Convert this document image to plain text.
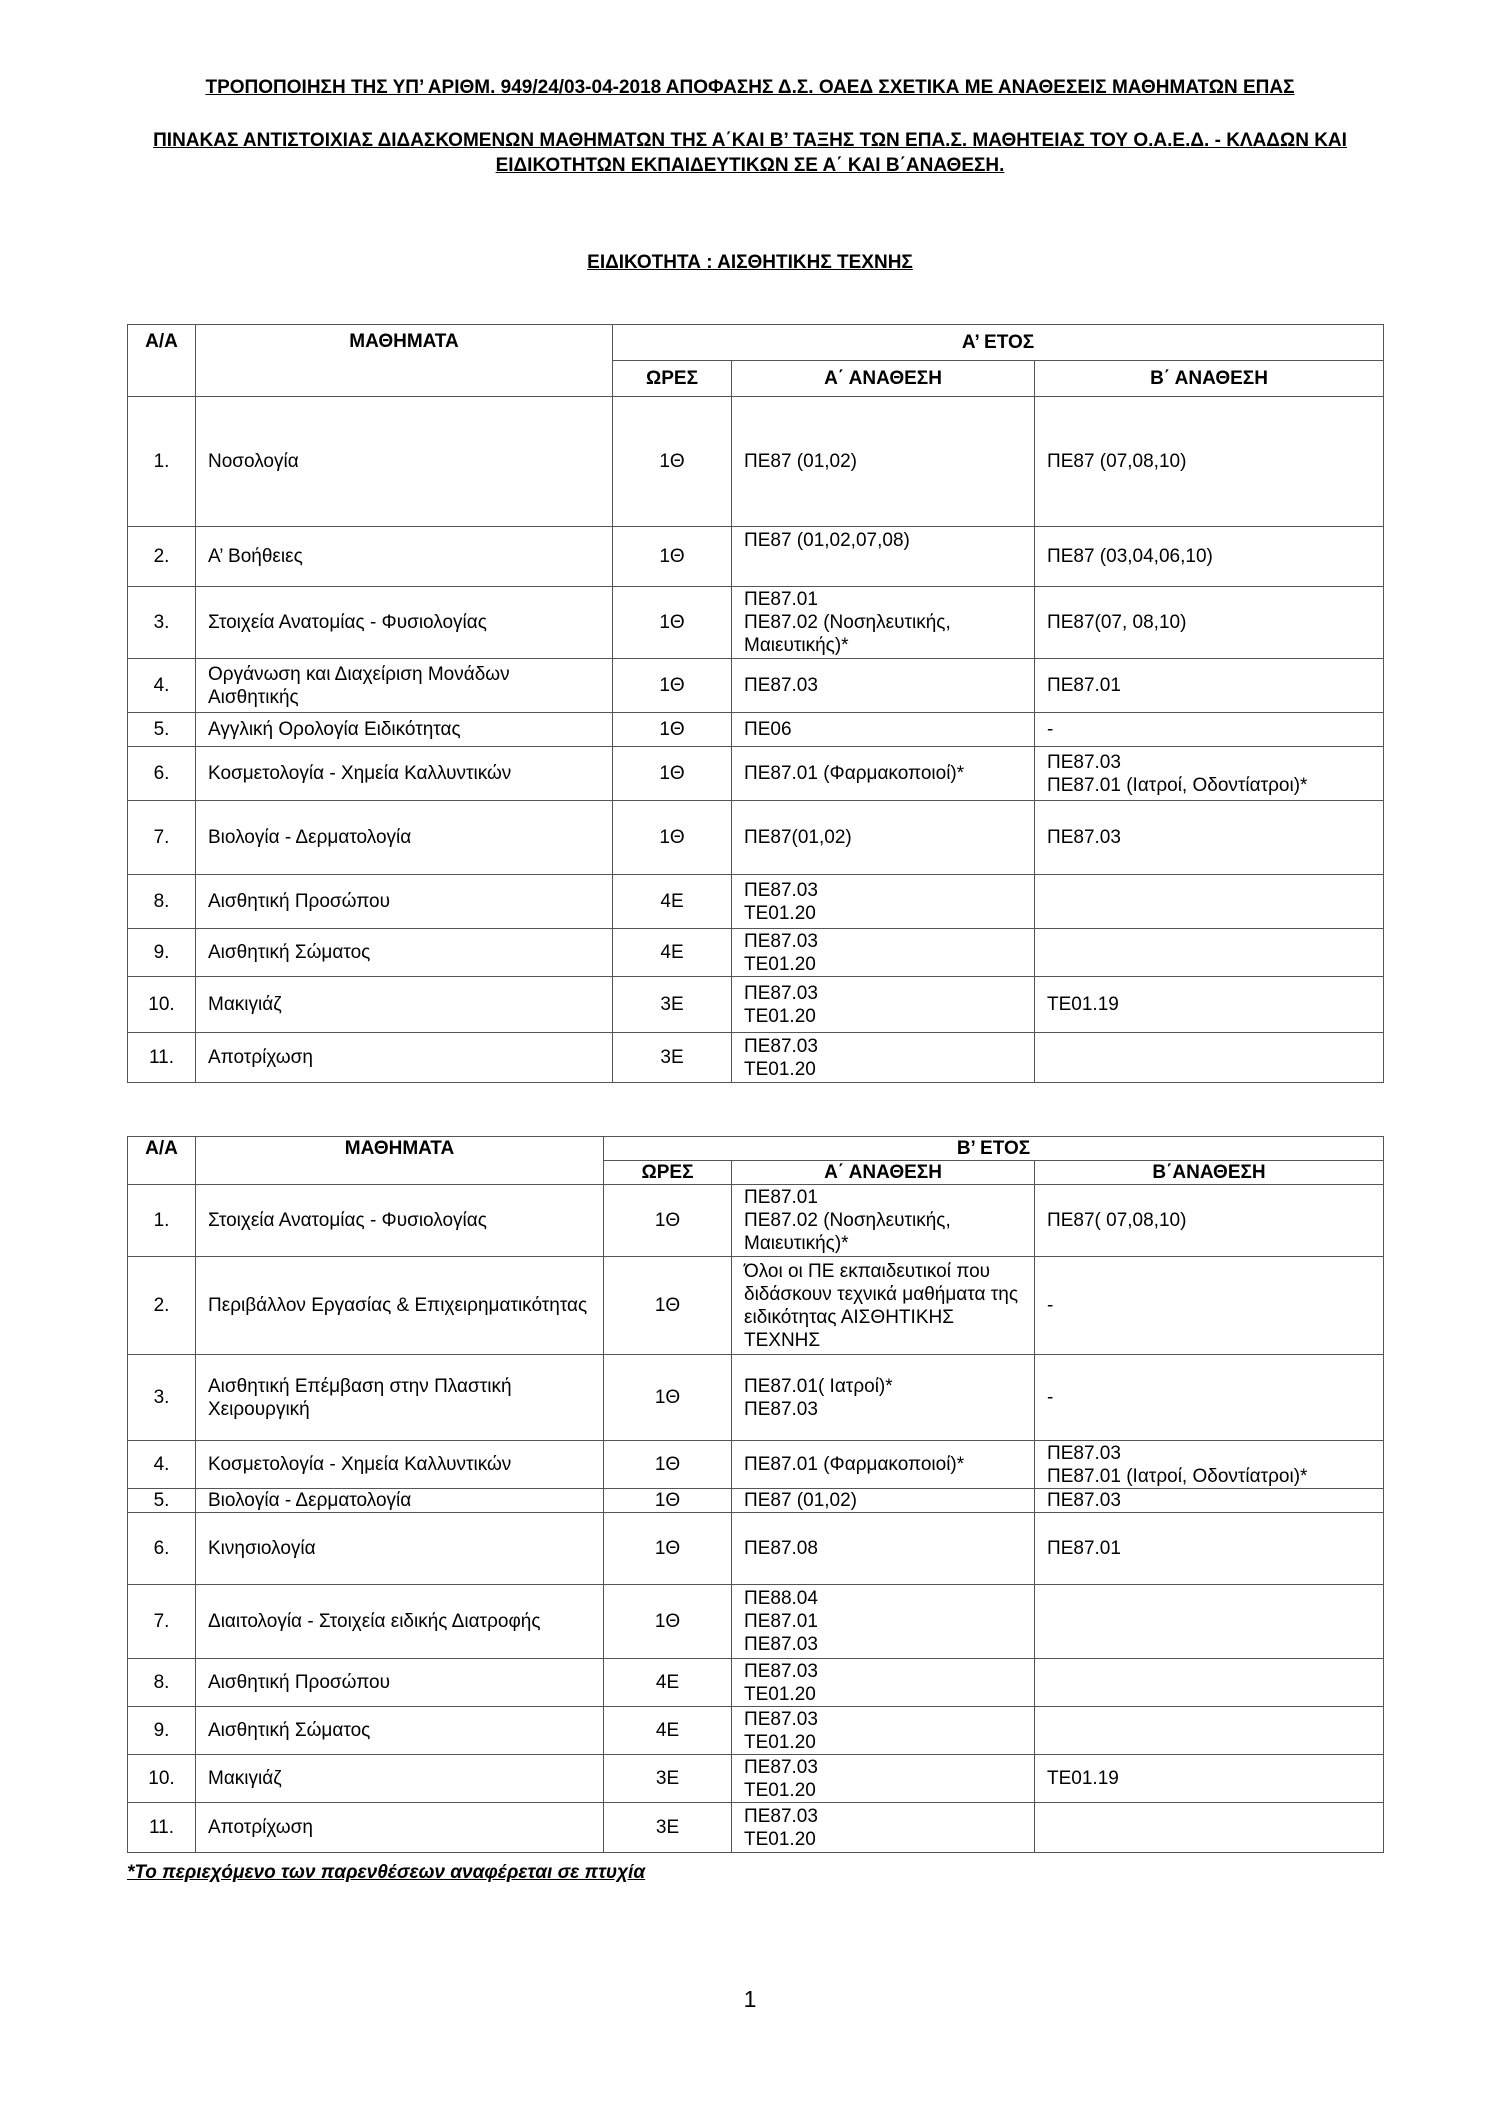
ΤΡΟΠΟΠΟΙΗΣΗ ΤΗΣ ΥΠ’ ΑΡΙΘΜ. 949/24/03-04-2018 ΑΠΟΦΑΣΗΣ Δ.Σ. ΟΑΕΔ ΣΧΕΤΙΚΑ ΜΕ ΑΝΑΘΕΣΕΙΣ ΜΑΘΗΜΑΤΩΝ ΕΠΑΣ
ΠΙΝΑΚΑΣ ΑΝΤΙΣΤΟΙΧΙΑΣ ΔΙΔΑΣΚΟΜΕΝΩΝ ΜΑΘΗΜΑΤΩΝ ΤΗΣ Α΄ΚΑΙ Β’ ΤΑΞΗΣ ΤΩΝ ΕΠΑ.Σ. ΜΑΘΗΤΕΙΑΣ ΤΟΥ Ο.Α.Ε.Δ. - ΚΛΑΔΩΝ ΚΑΙ ΕΙΔΙΚΟΤΗΤΩΝ ΕΚΠΑΙΔΕΥΤΙΚΩΝ ΣΕ Α΄ ΚΑΙ Β΄ΑΝΑΘΕΣΗ.
ΕΙΔΙΚΟΤΗΤΑ : ΑΙΣΘΗΤΙΚΗΣ ΤΕΧΝΗΣ
Α/Α	ΜΑΘΗΜΑΤΑ	Α’ ΕΤΟΣ		
		ΩΡΕΣ	Α΄ ΑΝΑΘΕΣΗ	Β΄ ΑΝΑΘΕΣΗ
1.	Νοσολογία	1Θ	ΠΕ87 (01,02)	ΠΕ87 (07,08,10)
2.	Α’ Βοήθειες	1Θ	ΠΕ87 (01,02,07,08)	ΠΕ87 (03,04,06,10)
3.	Στοιχεία Ανατομίας - Φυσιολογίας	1Θ	ΠΕ87.01
ΠΕ87.02 (Νοσηλευτικής, Μαιευτικής)*	ΠΕ87(07, 08,10)
4.	Οργάνωση και Διαχείριση Μονάδων Αισθητικής	1Θ	ΠΕ87.03	ΠΕ87.01
5.	Αγγλική Ορολογία Ειδικότητας	1Θ	ΠΕ06	-
6.	Κοσμετολογία - Χημεία Καλλυντικών	1Θ	ΠΕ87.01 (Φαρμακοποιοί)*	ΠΕ87.03
ΠΕ87.01 (Ιατροί, Οδοντίατροι)*
7.	Βιολογία - Δερματολογία	1Θ	ΠΕ87(01,02)	ΠΕ87.03
8.	Αισθητική Προσώπου	4Ε	ΠΕ87.03
ΤΕ01.20	
9.	Αισθητική Σώματος	4Ε	ΠΕ87.03
ΤΕ01.20	
10.	Μακιγιάζ	3Ε	ΠΕ87.03
ΤΕ01.20	ΤΕ01.19
11.	Αποτρίχωση	3Ε	ΠΕ87.03
ΤΕ01.20	
Α/Α	ΜΑΘΗΜΑΤΑ	Β’ ΕΤΟΣ		
		ΩΡΕΣ	Α΄ ΑΝΑΘΕΣΗ	Β΄ΑΝΑΘΕΣΗ
1.	Στοιχεία Ανατομίας - Φυσιολογίας	1Θ	ΠΕ87.01
ΠΕ87.02 (Νοσηλευτικής, Μαιευτικής)*	ΠΕ87( 07,08,10)
2.	Περιβάλλον Εργασίας & Επιχειρηματικότητας	1Θ	Όλοι οι ΠΕ εκπαιδευτικοί που διδάσκουν τεχνικά μαθήματα της ειδικότητας ΑΙΣΘΗΤΙΚΗΣ ΤΕΧΝΗΣ	-
3.	Αισθητική Επέμβαση στην Πλαστική Χειρουργική	1Θ	ΠΕ87.01( Ιατροί)*
ΠΕ87.03	-
4.	Κοσμετολογία - Χημεία Καλλυντικών	1Θ	ΠΕ87.01 (Φαρμακοποιοί)*	ΠΕ87.03
ΠΕ87.01 (Ιατροί, Οδοντίατροι)*
5.	Βιολογία - Δερματολογία	1Θ	ΠΕ87 (01,02)	ΠΕ87.03
6.	Κινησιολογία	1Θ	ΠΕ87.08	ΠΕ87.01
7.	Διαιτολογία - Στοιχεία ειδικής Διατροφής	1Θ	ΠΕ88.04
ΠΕ87.01
ΠΕ87.03	
8.	Αισθητική Προσώπου	4Ε	ΠΕ87.03
ΤΕ01.20	
9.	Αισθητική Σώματος	4Ε	ΠΕ87.03
ΤΕ01.20	
10.	Μακιγιάζ	3Ε	ΠΕ87.03
ΤΕ01.20	ΤΕ01.19
11.	Αποτρίχωση	3Ε	ΠΕ87.03
ΤΕ01.20	
*Το περιεχόμενο των παρενθέσεων αναφέρεται σε πτυχία
1
